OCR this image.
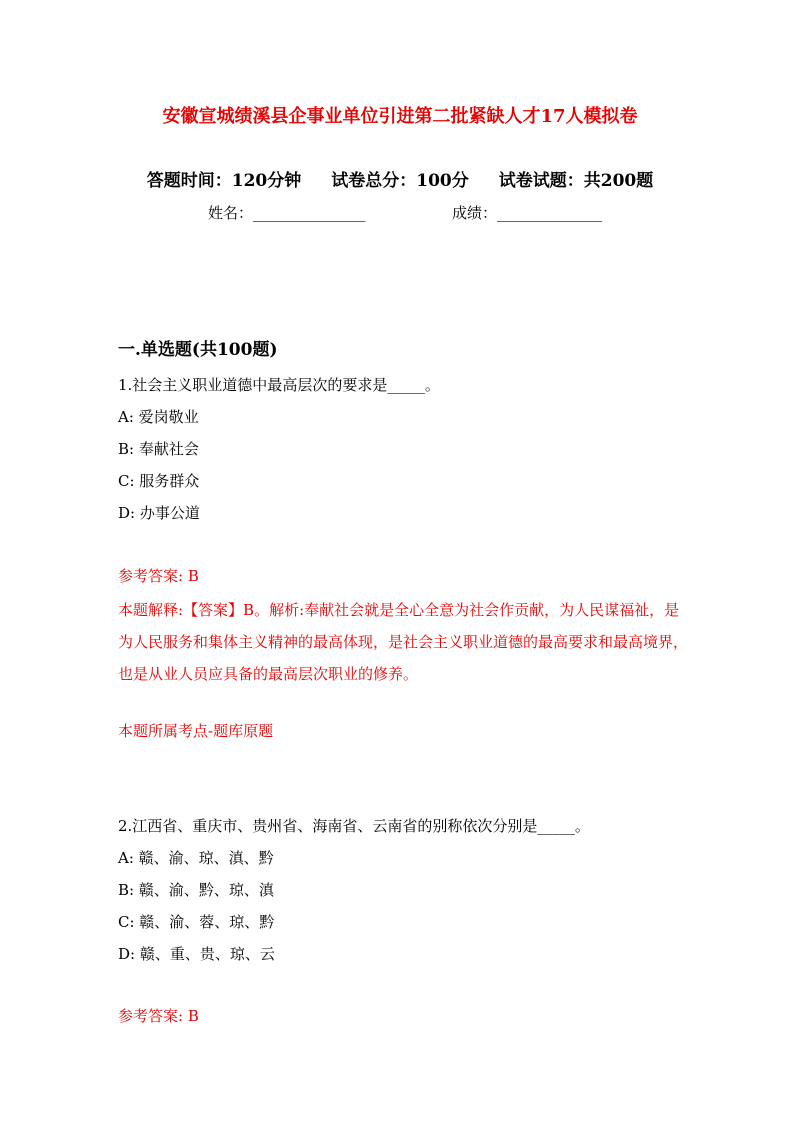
安徽宣城绩溪县企事业单位引进第二批紧缺人才17人模拟卷
答题时间：120分钟 试卷总分：100分 试卷试题：共200题
姓名：_______________	成绩：______________
一.单选题(共100题)
1.社会主义职业道德中最高层次的要求是_____。
A: 爱岗敬业
B: 奉献社会
C: 服务群众
D: 办事公道
参考答案: B
本题解释:【答案】B。解析:奉献社会就是全心全意为社会作贡献，为人民谋福祉，是为人民服务和集体主义精神的最高体现，是社会主义职业道德的最高要求和最高境界，也是从业人员应具备的最高层次职业的修养。
本题所属考点-题库原题
2.江西省、重庆市、贵州省、海南省、云南省的别称依次分别是_____。
A: 赣、渝、琼、滇、黔
B: 赣、渝、黔、琼、滇
C: 赣、渝、蓉、琼、黔
D: 赣、重、贵、琼、云
参考答案: B
